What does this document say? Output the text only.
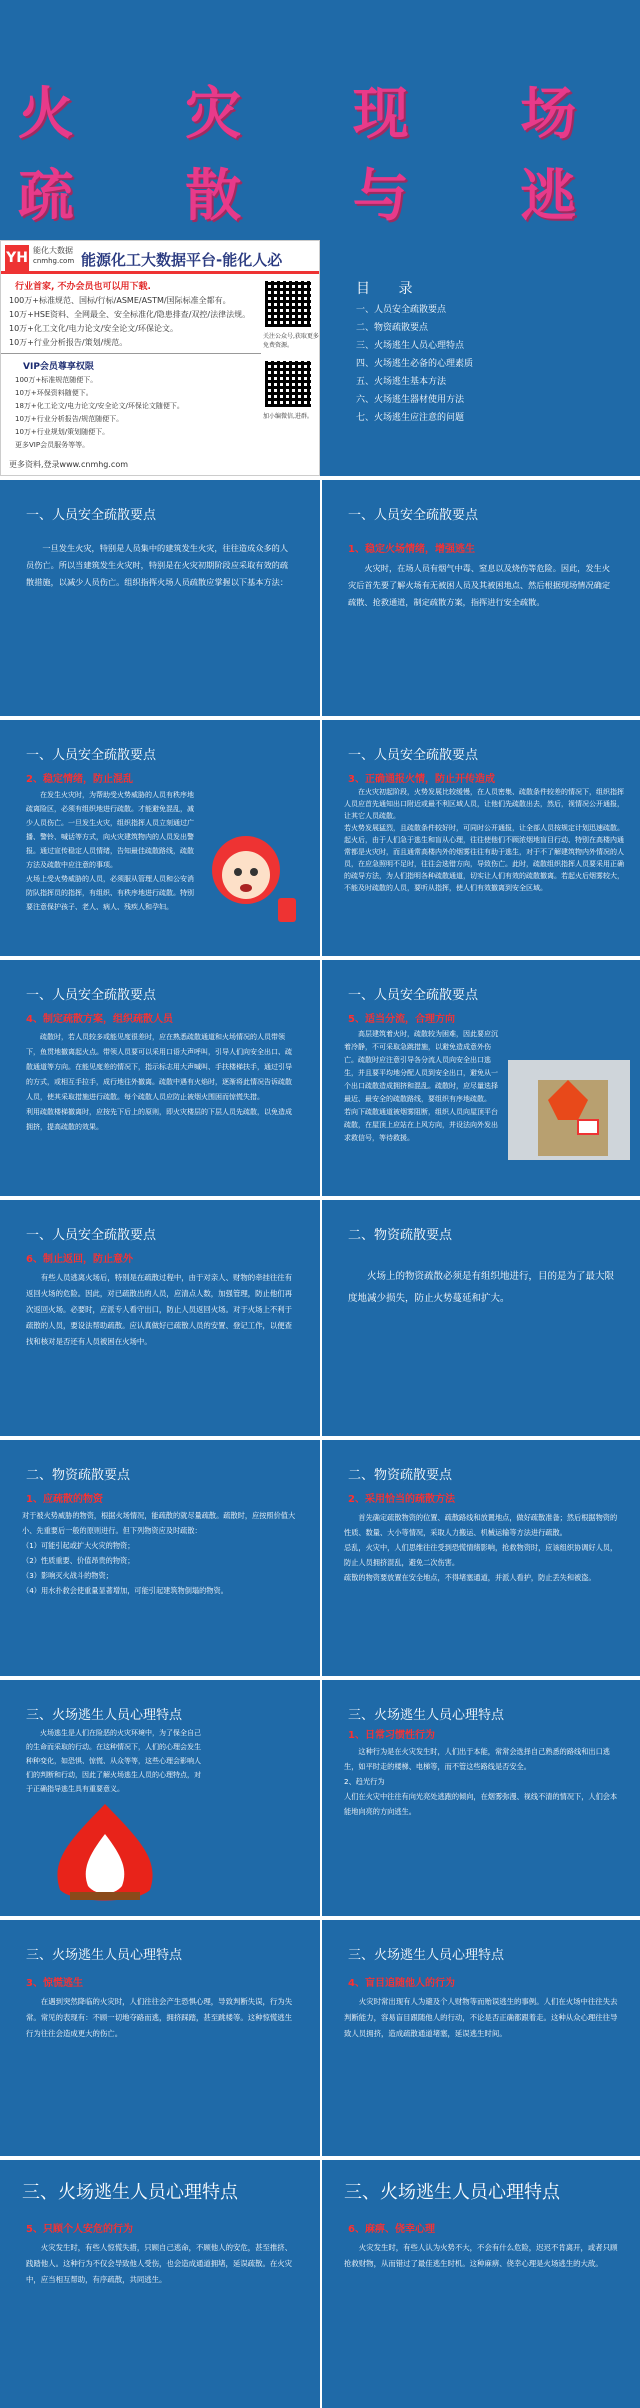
火 灾 现 场
疏 散 与 逃
YH 能化大数据
cnmhg.com 能源化工大数据平台-能化人必
行业首家, 不办会员也可以用下载.
100万+标准规范、国标/行标/ASME/ASTM/国际标准全都有。
10万+HSE资料、全网最全、安全标准化/隐患排查/双控/法律法规。
10万+化工文化/电力论文/安全论文/环保论文。
10万+行业分析报告/策划/规范。
VIP会员尊享权限
100万+标准规范随便下。
10万+环保资料随便下。
18万+化工论文/电力论文/安全论文/环保论文随便下。
10万+行业分析报告/规范随便下。
10万+行业规划/策划随便下。
更多VIP会员服务等等。
更多资料,登录www.cnmhg.com
关注公众号,获取更多免费资源。
加小编微信,进群。
目 录
一、人员安全疏散要点
二、物资疏散要点
三、火场逃生人员心理特点
四、火场逃生必备的心理素质
五、火场逃生基本方法
六、火场逃生器材使用方法
七、火场逃生应注意的问题
一、人员安全疏散要点
一旦发生火灾，特别是人员集中的建筑发生火灾，往往造成众多的人员伤亡。所以当建筑发生火灾时，特别是在火灾初期阶段应采取有效的疏散措施，以减少人员伤亡。组织指挥火场人员疏散应掌握以下基本方法：
一、人员安全疏散要点
1、稳定火场情绪，增强逃生
火灾时，在场人员有烟气中毒、窒息以及烧伤等危险。因此，发生火灾后首先要了解火场有无被困人员及其被困地点、然后根据现场情况确定疏散、抢救通道，制定疏散方案，指挥进行安全疏散。
一、人员安全疏散要点
2、稳定情绪，防止混乱
在发生火灾时，为帮助受火势威胁的人员有秩序地疏离险区，必须有组织地进行疏散。才能避免混乱，减少人员伤亡。一旦发生火灾，组织指挥人员立刻通过广播、警铃、喊话等方式，向火灾建筑物内的人员发出警报。通过宣传稳定人员情绪，告知最佳疏散路线，疏散方法及疏散中应注意的事项。
火场上受火势威胁的人员，必须服从管理人员和公安消防队指挥员的指挥，有组织、有秩序地进行疏散。特别要注意保护孩子、老人、病人、残疾人和孕妇。
一、人员安全疏散要点
3、正确通报火情，防止开传造成
在火灾初起阶段，火势发展比较缓慢，在人员密集、疏散条件较差的情况下，组织指挥人员应首先通知出口附近或最不利区域人员，让他们先疏散出去，然后，视情况公开通报，让其它人员疏散。
若火势发展猛烈，且疏散条件较好时，可同时公开通报，让全部人员按规定计划迅速疏散。
起火后，由于人们急于逃生和盲从心理，往往使他们不顾浓烟地盲目行动、特别在高楼内通常都是火灾时，而且通常高楼内外的烟雾往往有助于逃生，对于不了解建筑物内外情况的人员，在应急照明不足时，往往会选错方向，导致伤亡。此时，疏散组织指挥人员要采用正确的疏导方法，为人们指明各种疏散通道，切实让人们有效的疏散撤离。若起火后烟雾较大，不能及时疏散的人员，要听从指挥，使人们有效撤离到安全区域。
一、人员安全疏散要点
4、制定疏散方案，组织疏散人员
疏散时，若人员较多或能见度很差时，应在熟悉疏散通道和火场情况的人员带领下，鱼贯地撤离起火点。带领人员要可以采用口语大声呼叫，引导人们向安全出口、疏散通道等方向。在能见度差的情况下，指示标志用大声喊叫、手扶楼梯扶手，通过引导的方式，或相互手拉手，成行地往外撤离。疏散中遇有火焰时，逐渐将此情况告诉疏散人员，使其采取措施进行疏散。每个疏散人员应防止被烟火围困而惊慌失措。
利用疏散楼梯撤离时，应按先下后上的原则，即火灾楼层的下层人员先疏散，以免造成拥挤，提高疏散的效果。
一、人员安全疏散要点
5、适当分流，合理方向
高层建筑着火时，疏散较为困难，因此要应沉着冷静，不可采取急跳措施，以避免造成意外伤亡。疏散时应注意引导各分流人员向安全出口逃生，并且要平均地分配人员到安全出口，避免从一个出口疏散造成拥挤和混乱。疏散时，应尽量选择最近、最安全的疏散路线，要组织有序地疏散。
若向下疏散通道被烟雾阻断，组织人员向屋顶平台疏散，在屋顶上应站在上风方向，并设法向外发出求救信号，等待救援。
一、人员安全疏散要点
6、制止返回，防止意外
有些人员逃离火场后，特别是在疏散过程中，由于对亲人、财物的牵挂往往有返回火场的危险。因此，对已疏散出的人员，应清点人数，加强管理，防止他们再次返回火场。必要时，应派专人看守出口，防止人员返回火场。对于火场上不利于疏散的人员，要设法帮助疏散。应认真做好已疏散人员的安置、登记工作，以便查找和核对是否还有人员被困在火场中。
二、物资疏散要点
火场上的物资疏散必须是有组织地进行，目的是为了最大限度地减少损失，防止火势蔓延和扩大。
二、物资疏散要点
1、应疏散的物资
对于被火势威胁的物资，根据火场情况，能疏散的就尽量疏散。疏散时，应按照价值大小、先重要后一般的原则进行。但下列物资应及时疏散：
（1）可能引起或扩大火灾的物资；
（2）性质重要、价值昂贵的物资；
（3）影响灭火战斗的物资；
（4）用水扑救会使重量显著增加，可能引起建筑物倒塌的物资。
二、物资疏散要点
2、采用恰当的疏散方法
首先确定疏散物资的位置、疏散路线和放置地点，做好疏散准备；然后根据物资的性质、数量、大小等情况，采取人力搬运、机械运输等方法进行疏散。
忌乱，火灾中，人们思维往往受到恐慌情绪影响，抢救物资时，应该组织协调好人员，防止人员拥挤混乱，避免二次伤害。
疏散的物资要放置在安全地点，不得堵塞通道，并派人看护，防止丢失和被盗。
三、火场逃生人员心理特点
火场逃生是人们在险恶的火灾环境中，为了保全自己的生命而采取的行动。在这种情况下，人们的心理会发生种种变化，如恐惧、惊慌、从众等等，这些心理会影响人们的判断和行动，因此了解火场逃生人员的心理特点，对于正确指导逃生具有重要意义。
三、火场逃生人员心理特点
1、日常习惯性行为
这种行为是在火灾发生时，人们出于本能，常常会选择自己熟悉的路线和出口逃生，如平时走的楼梯、电梯等，而不管这些路线是否安全。
2、趋光行为
人们在火灾中往往有向光亮处逃跑的倾向，在烟雾弥漫、视线不清的情况下，人们会本能地向亮的方向逃生。
三、火场逃生人员心理特点
3、惊慌逃生
在遇到突然降临的火灾时，人们往往会产生恐惧心理，导致判断失误，行为失常。常见的表现有：不顾一切地夺路而逃，拥挤踩踏，甚至跳楼等。这种惊慌逃生行为往往会造成更大的伤亡。
三、火场逃生人员心理特点
4、盲目追随他人的行为
火灾时常出现有人为避及个人财物等而贻误逃生的事例。人们在火场中往往失去判断能力，容易盲目跟随他人的行动，不论是否正确都跟着走。这种从众心理往往导致人员拥挤，造成疏散通道堵塞，延误逃生时间。
三、火场逃生人员心理特点
5、只顾个人安危的行为
火灾发生时，有些人惊慌失措，只顾自己逃命，不顾他人的安危，甚至推挤、践踏他人。这种行为不仅会导致他人受伤，也会造成通道拥堵，延误疏散。在火灾中，应当相互帮助，有序疏散，共同逃生。
三、火场逃生人员心理特点
6、麻痹、侥幸心理
火灾发生时，有些人认为火势不大，不会有什么危险，迟迟不肯离开，或者只顾抢救财物，从而错过了最佳逃生时机。这种麻痹、侥幸心理是火场逃生的大敌。
